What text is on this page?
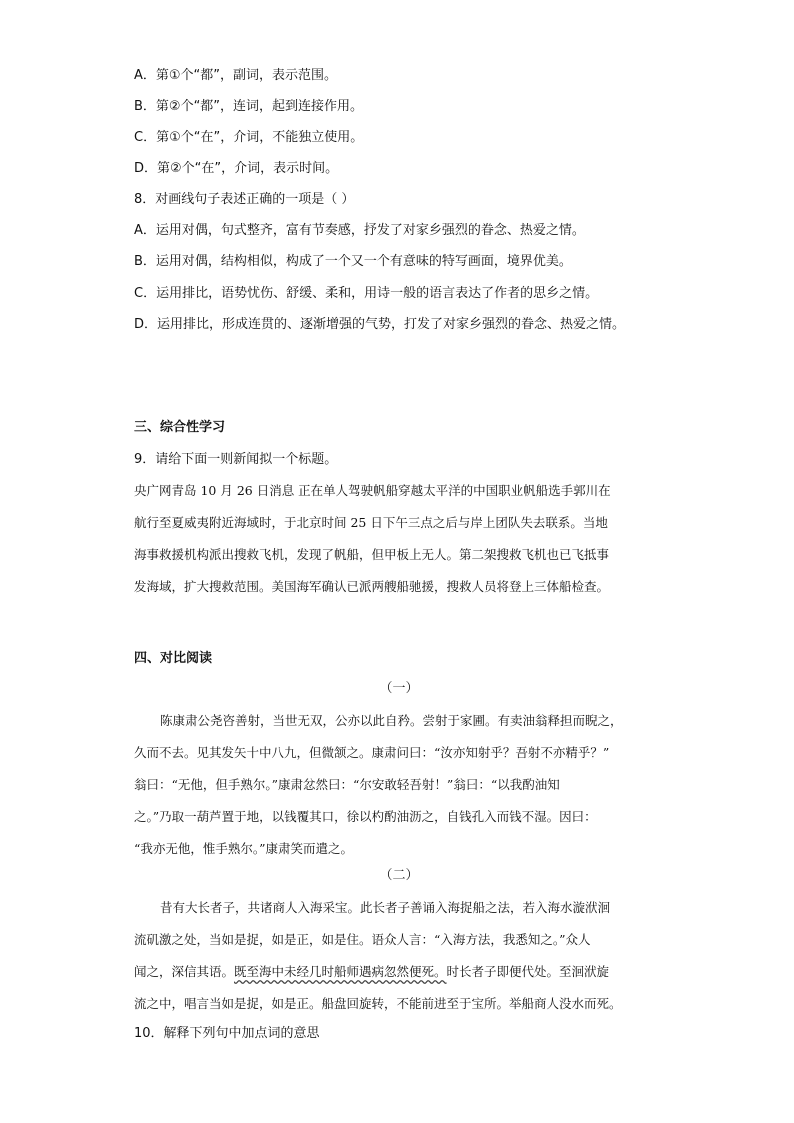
A．第①个“都”，副词，表示范围。
B．第②个“都”，连词，起到连接作用。
C．第①个“在”，介词，不能独立使用。
D．第②个“在”，介词，表示时间。
8．对画线句子表述正确的一项是（ ）
A．运用对偶，句式整齐，富有节奏感，抒发了对家乡强烈的眷念、热爱之情。
B．运用对偶，结构相似，构成了一个又一个有意味的特写画面，境界优美。
C．运用排比，语势忧伤、舒缓、柔和，用诗一般的语言表达了作者的思乡之情。
D．运用排比，形成连贯的、逐渐增强的气势，打发了对家乡强烈的眷念、热爱之情。
三、综合性学习
9．请给下面一则新闻拟一个标题。
央广网青岛 10 月 26 日消息 正在单人驾驶帆船穿越太平洋的中国职业帆船选手郭川在
航行至夏威夷附近海域时，于北京时间 25 日下午三点之后与岸上团队失去联系。当地
海事救援机构派出搜救飞机，发现了帆船，但甲板上无人。第二架搜救飞机也已飞抵事
发海域，扩大搜救范围。美国海军确认已派两艘船驰援，搜救人员将登上三体船检查。
四、对比阅读
（一）
陈康肃公尧咨善射，当世无双，公亦以此自矜。尝射于家圃。有卖油翁释担而睨之，
久而不去。见其发矢十中八九，但微颔之。康肃问曰：“汝亦知射乎？吾射不亦精乎？”
翁曰：“无他，但手熟尔。”康肃忿然曰：“尔安敢轻吾射！”翁曰：“以我酌油知
之。”乃取一葫芦置于地，以钱覆其口，徐以杓酌油沥之，自钱孔入而钱不湿。因曰：
“我亦无他，惟手熟尔。”康肃笑而遣之。
（二）
昔有大长者子，共诸商人入海采宝。此长者子善诵入海捉船之法，若入海水漩洑洄
流矶激之处，当如是捉，如是正，如是住。语众人言：“入海方法，我悉知之。”众人
闻之，深信其语。既至海中未经几时船师遇病忽然便死。时长者子即便代处。至洄洑旋
流之中，唱言当如是捉，如是正。船盘回旋转，不能前进至于宝所。举船商人没水而死。
10．解释下列句中加点词的意思
